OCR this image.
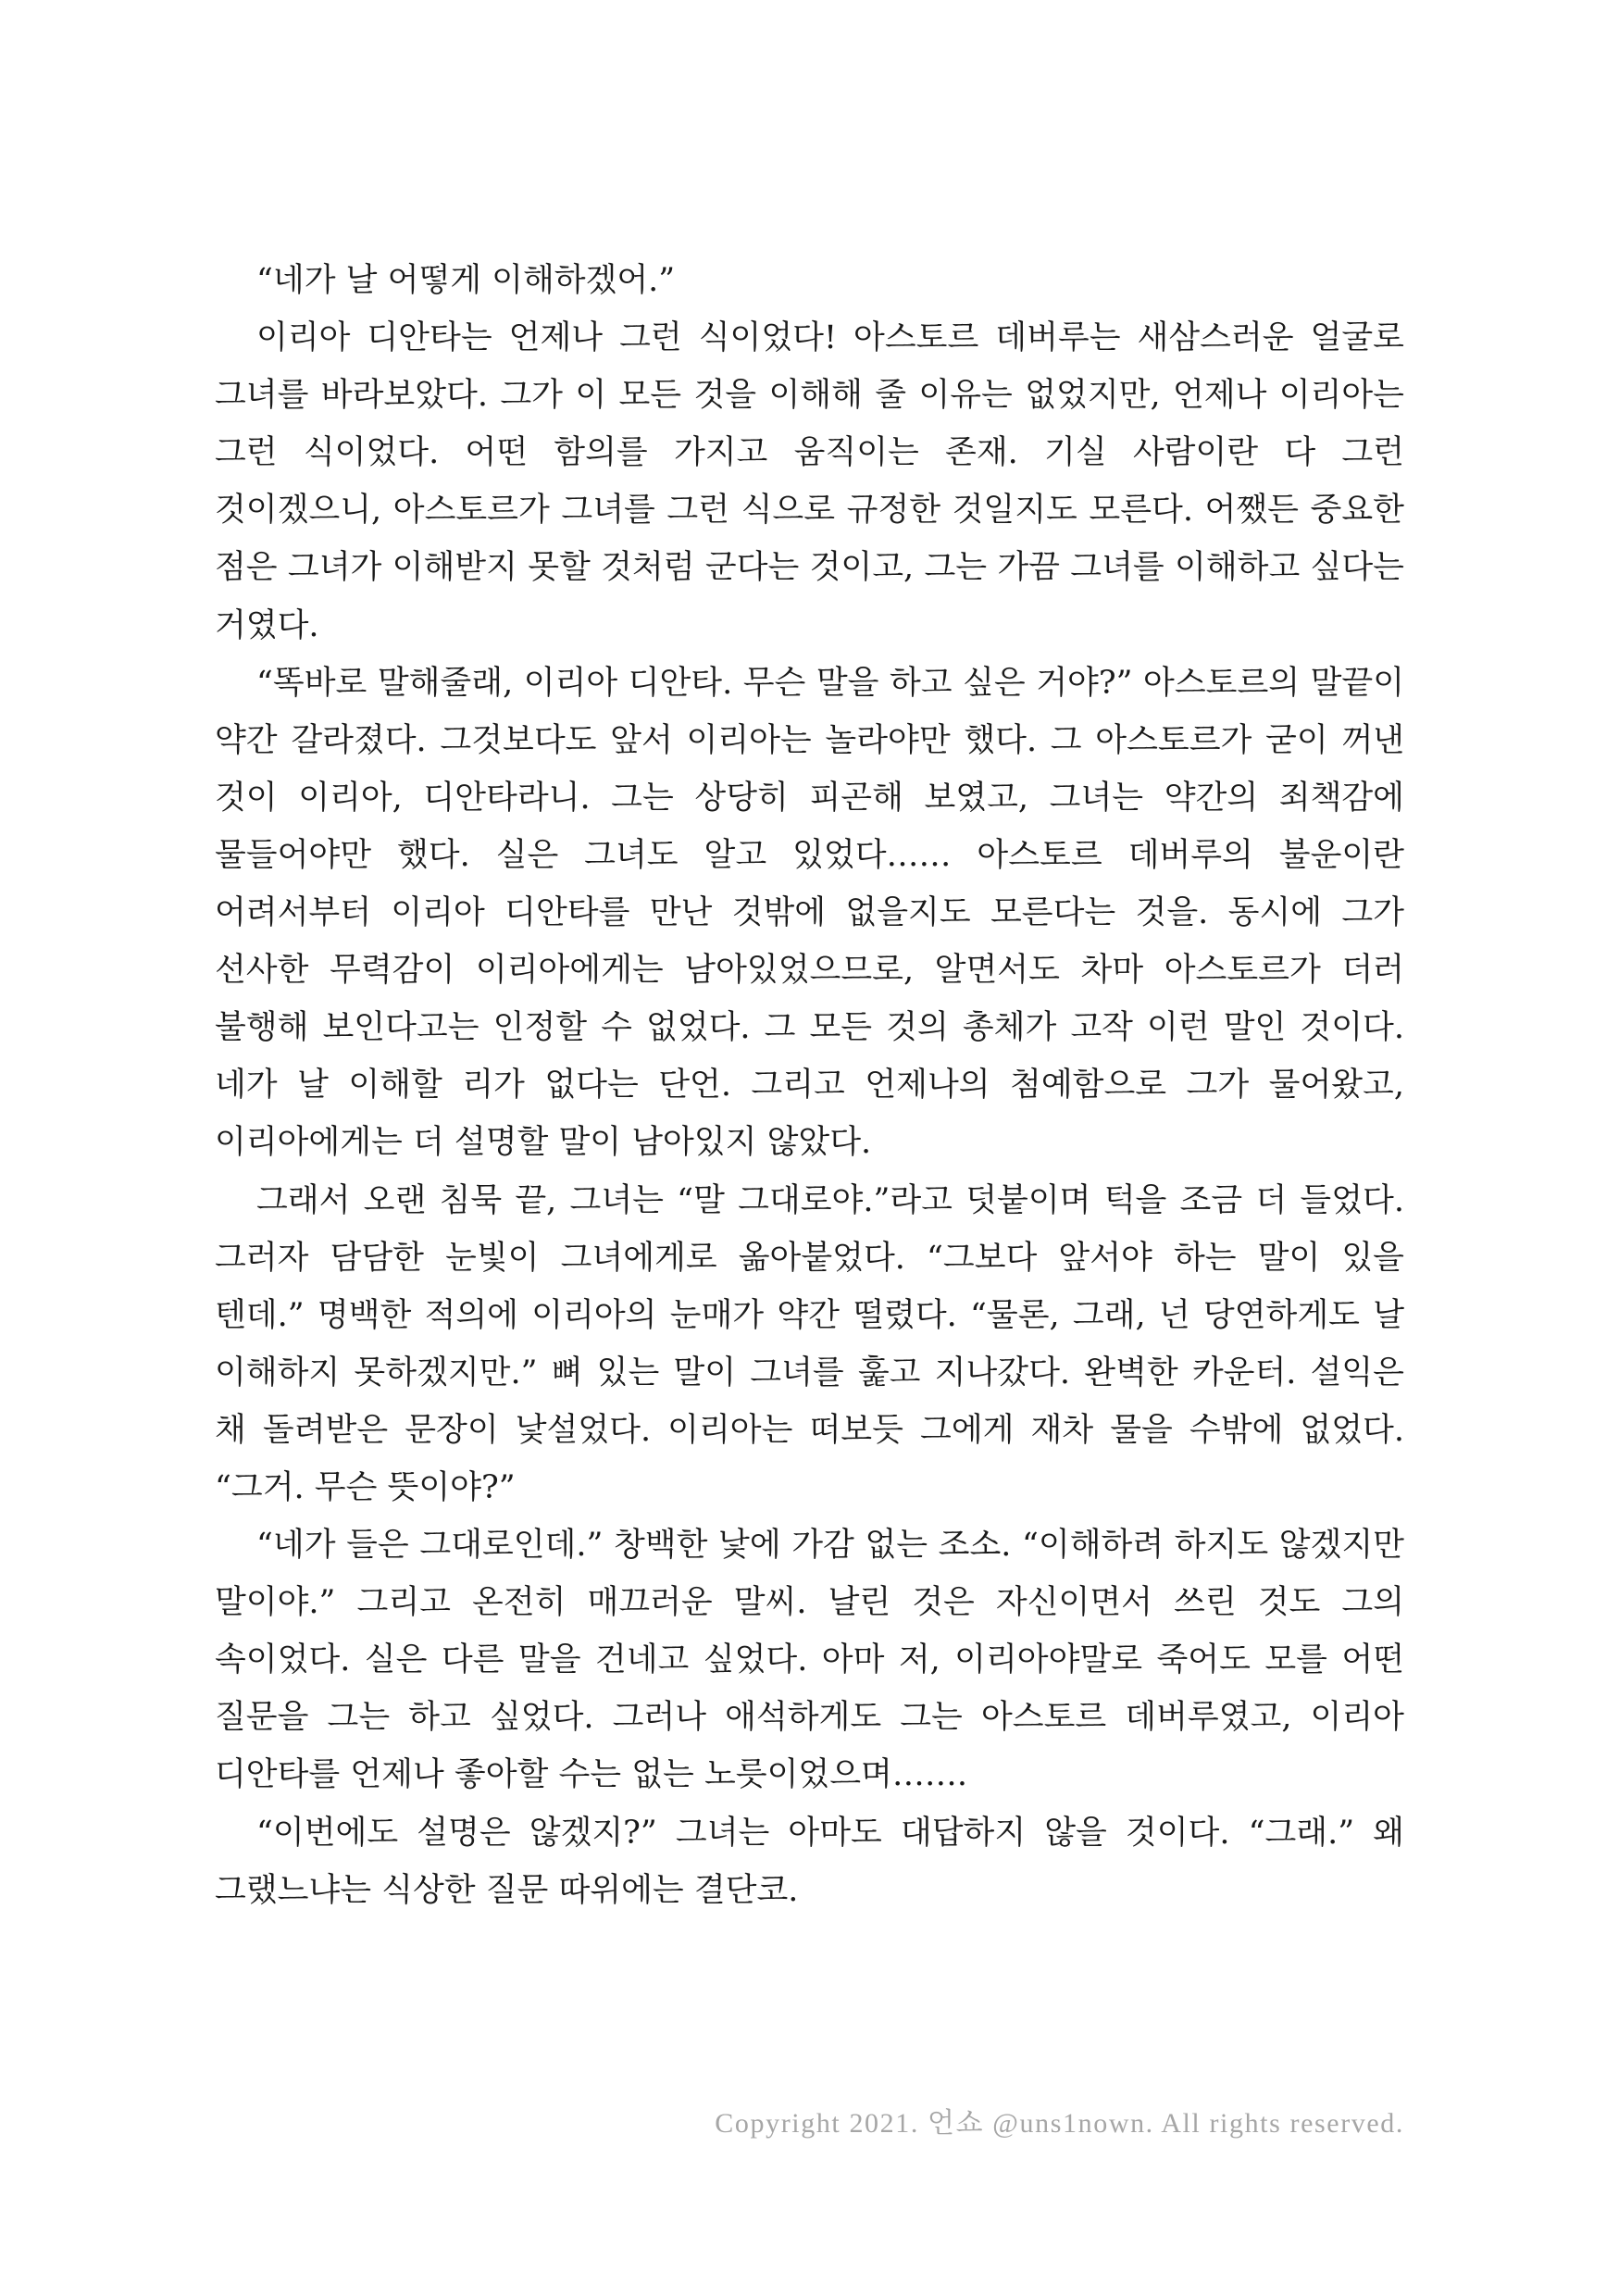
“네가 날 어떻게 이해하겠어.”

이리아 디안타는 언제나 그런 식이었다! 아스토르 데버루는 새삼스러운 얼굴로 그녀를 바라보았다. 그가 이 모든 것을 이해해 줄 이유는 없었지만, 언제나 이리아는 그런 식이었다. 어떤 함의를 가지고 움직이는 존재. 기실 사람이란 다 그런 것이겠으니, 아스토르가 그녀를 그런 식으로 규정한 것일지도 모른다. 어쨌든 중요한 점은 그녀가 이해받지 못할 것처럼 군다는 것이고, 그는 가끔 그녀를 이해하고 싶다는 거였다.

“똑바로 말해줄래, 이리아 디안타. 무슨 말을 하고 싶은 거야?” 아스토르의 말끝이 약간 갈라졌다. 그것보다도 앞서 이리아는 놀라야만 했다. 그 아스토르가 굳이 꺼낸 것이 이리아, 디안타라니. 그는 상당히 피곤해 보였고, 그녀는 약간의 죄책감에 물들어야만 했다. 실은 그녀도 알고 있었다…… 아스토르 데버루의 불운이란 어려서부터 이리아 디안타를 만난 것밖에 없을지도 모른다는 것을. 동시에 그가 선사한 무력감이 이리아에게는 남아있었으므로, 알면서도 차마 아스토르가 더러 불행해 보인다고는 인정할 수 없었다. 그 모든 것의 총체가 고작 이런 말인 것이다. 네가 날 이해할 리가 없다는 단언. 그리고 언제나의 첨예함으로 그가 물어왔고, 이리아에게는 더 설명할 말이 남아있지 않았다.

그래서 오랜 침묵 끝, 그녀는 “말 그대로야.”라고 덧붙이며 턱을 조금 더 들었다. 그러자 담담한 눈빛이 그녀에게로 옮아붙었다. “그보다 앞서야 하는 말이 있을 텐데.” 명백한 적의에 이리아의 눈매가 약간 떨렸다. “물론, 그래, 넌 당연하게도 날 이해하지 못하겠지만.” 뼈 있는 말이 그녀를 훑고 지나갔다. 완벽한 카운터. 설익은 채 돌려받은 문장이 낯설었다. 이리아는 떠보듯 그에게 재차 물을 수밖에 없었다. “그거. 무슨 뜻이야?”

“네가 들은 그대로인데.” 창백한 낯에 가감 없는 조소. “이해하려 하지도 않겠지만 말이야.” 그리고 온전히 매끄러운 말씨. 날린 것은 자신이면서 쓰린 것도 그의 속이었다. 실은 다른 말을 건네고 싶었다. 아마 저, 이리아야말로 죽어도 모를 어떤 질문을 그는 하고 싶었다. 그러나 애석하게도 그는 아스토르 데버루였고, 이리아 디안타를 언제나 좋아할 수는 없는 노릇이었으며…….

“이번에도 설명은 않겠지?” 그녀는 아마도 대답하지 않을 것이다. “그래.” 왜 그랬느냐는 식상한 질문 따위에는 결단코.

Copyright 2021. 언쇼 @uns1nown. All rights reserved.
